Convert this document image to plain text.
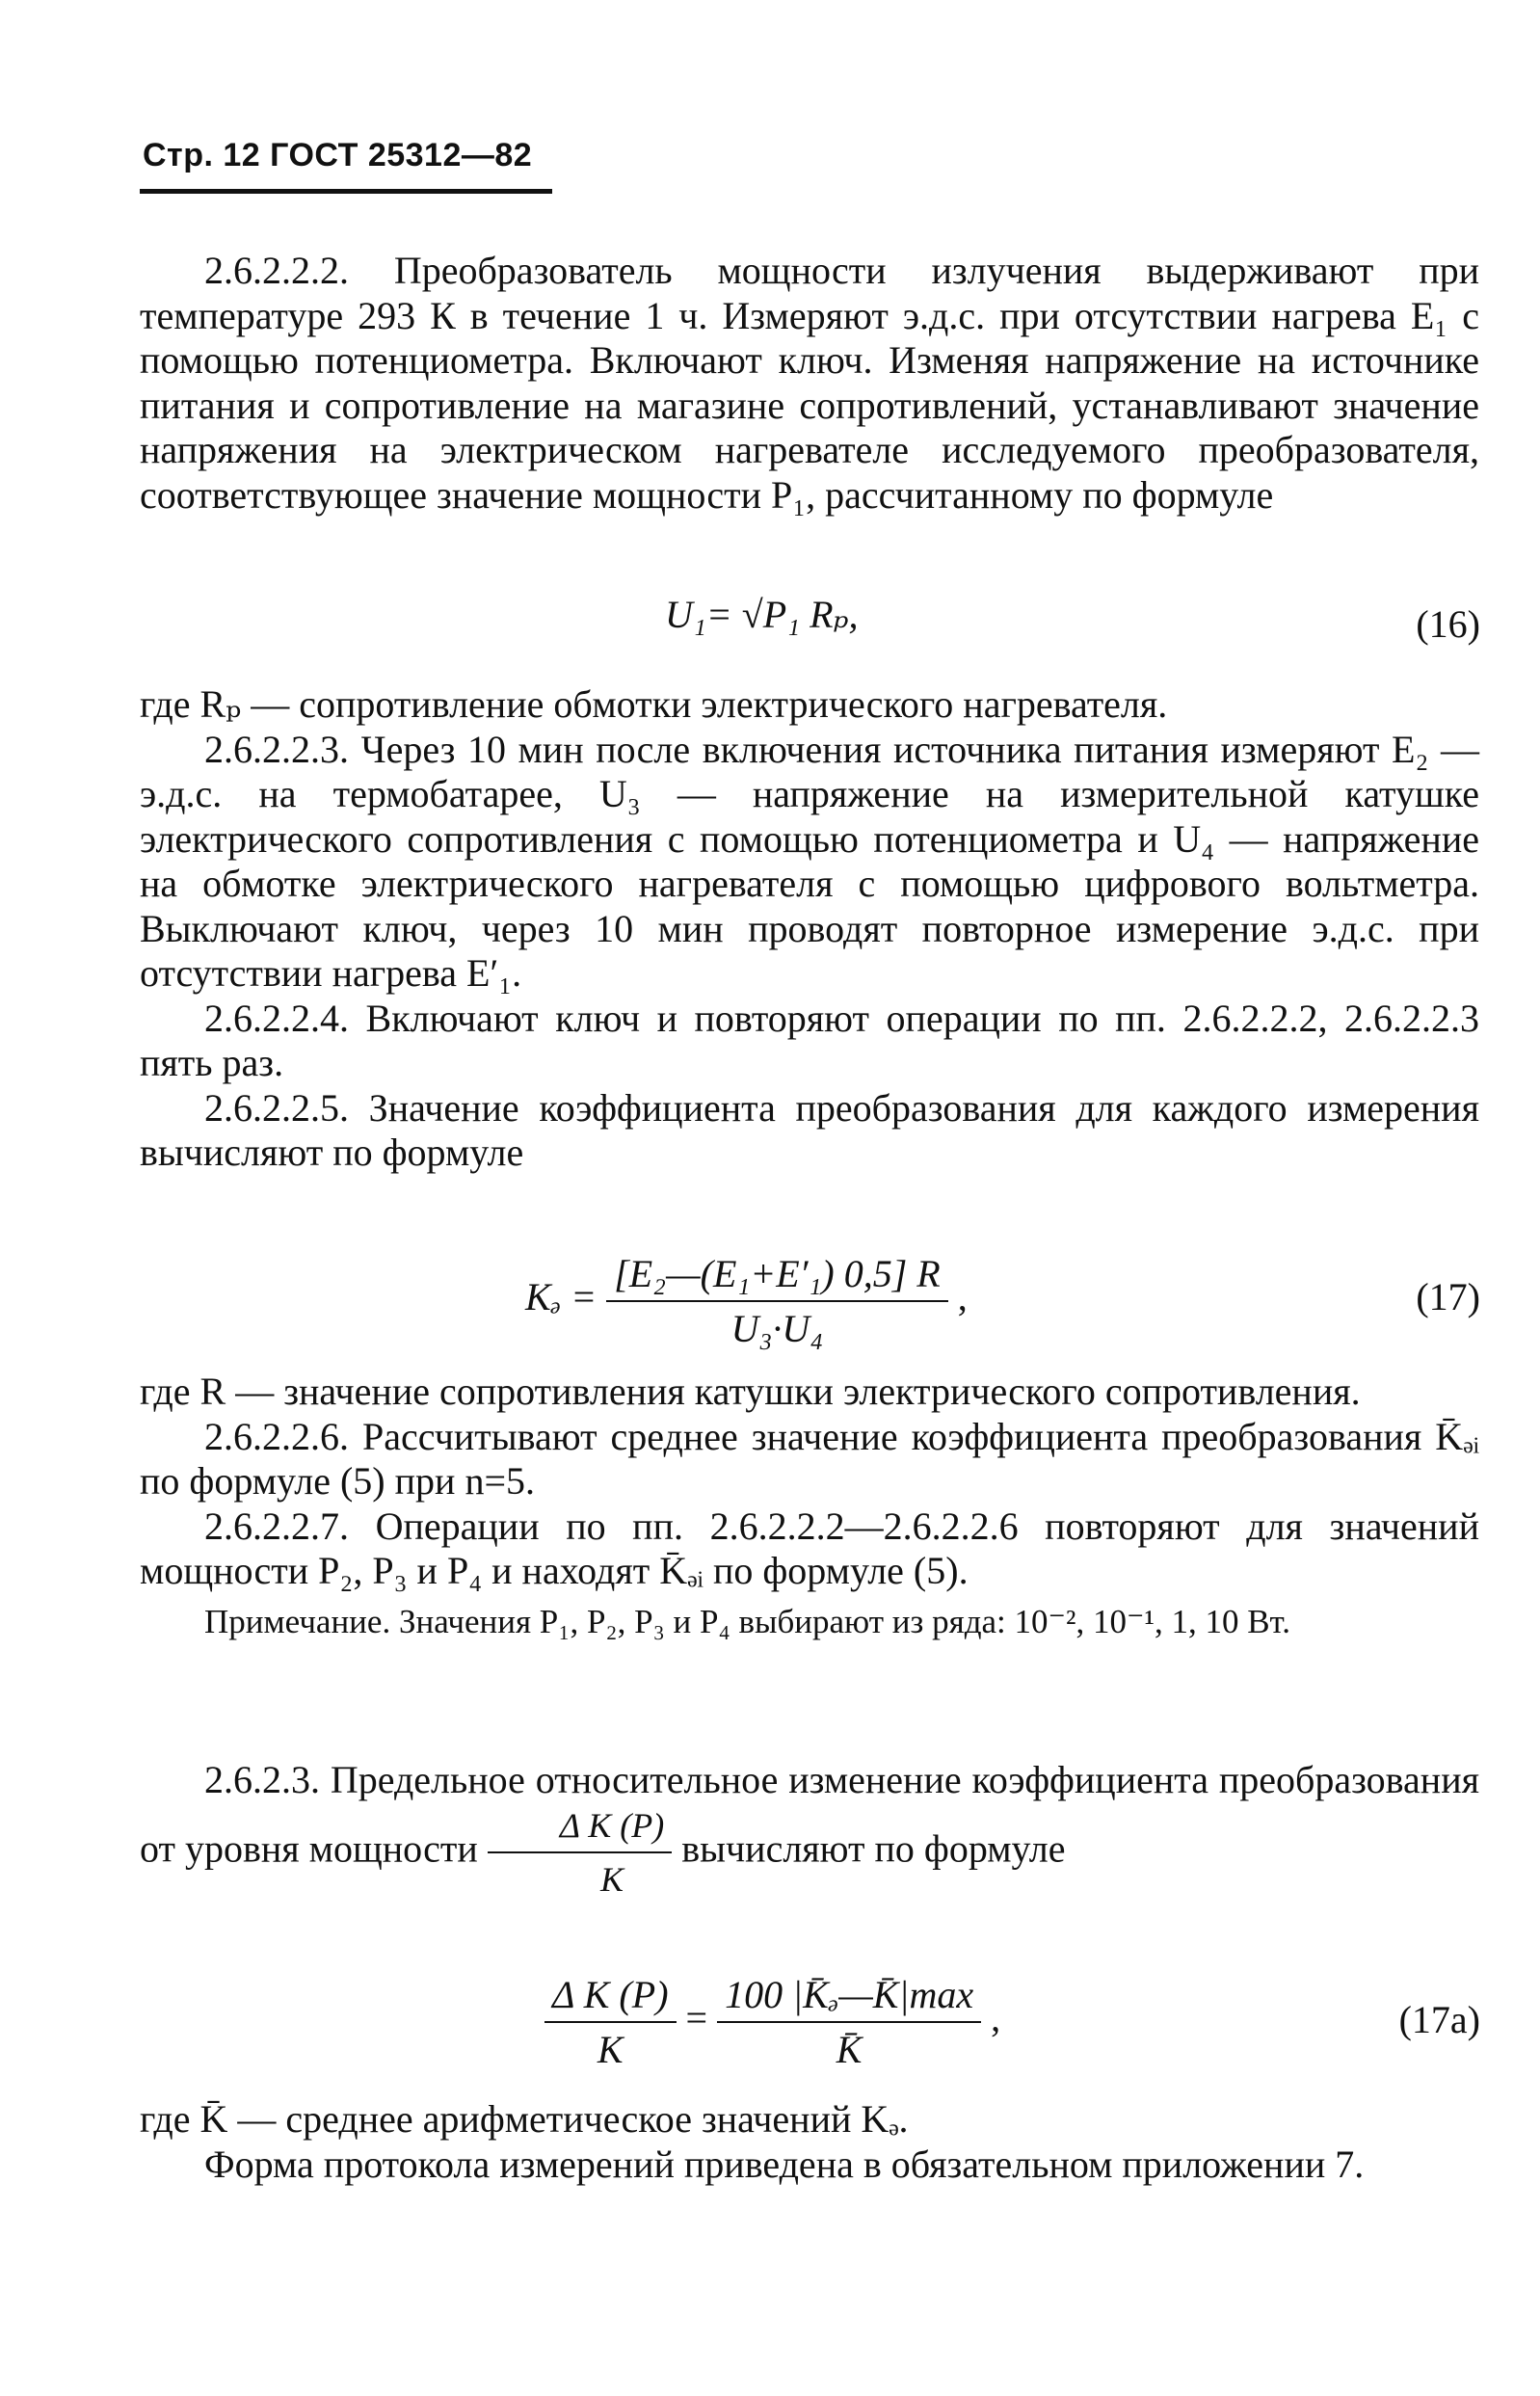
Стр. 12 ГОСТ 25312—82

2.6.2.2.2. Преобразователь мощности излучения выдерживают при температуре 293 К в течение 1 ч. Измеряют э.д.с. при отсутствии нагрева E₁ с помощью потенциометра. Включают ключ. Изменяя напряжение на источнике питания и сопротивление на магазине сопротивлений, устанавливают значение напряжения на электрическом нагревателе исследуемого преобразователя, соответствующее значение мощности P₁, рассчитанному по формуле

U₁= √P₁ Rₚ,	(16)

где Rₚ — сопротивление обмотки электрического нагревателя.

2.6.2.2.3. Через 10 мин после включения источника питания измеряют E₂ — э.д.с. на термобатарее, U₃ — напряжение на измерительной катушке электрического сопротивления с помощью потенциометра и U₄ — напряжение на обмотке электрического нагревателя с помощью цифрового вольтметра. Выключают ключ, через 10 мин проводят повторное измерение э.д.с. при отсутствии нагрева E′₁.

2.6.2.2.4. Включают ключ и повторяют операции по пп. 2.6.2.2.2, 2.6.2.2.3 пять раз.

2.6.2.2.5. Значение коэффициента преобразования для каждого измерения вычисляют по формуле

Kₔ = $\frac{\text{[E₂—(E₁+E′₁) 0,5] R}}{\text{U₃·U₄}}$ ,	(17)

где R — значение сопротивления катушки электрического сопротивления.

2.6.2.2.6. Рассчитывают среднее значение коэффициента преобразования K̄ₔᵢ по формуле (5) при n=5.

2.6.2.2.7. Операции по пп. 2.6.2.2.2—2.6.2.2.6 повторяют для значений мощности P₂, P₃ и P₄ и находят K̄ₔᵢ по формуле (5).

Примечание. Значения P₁, P₂, P₃ и P₄ выбирают из ряда: 10⁻², 10⁻¹, 1, 10 Вт.

2.6.2.3. Предельное относительное изменение коэффициента преобразования от уровня мощности $\frac{\text{Δ K (P)}}{K}$ вычисляют по формуле

$\frac{\text{Δ K (P)}}{K} = \frac{\text{100 |K̄ₔ—K̄|max}}{K̄}$ ,	(17а)

где K̄ — среднее арифметическое значений Kₔ.

Форма протокола измерений приведена в обязательном приложении 7.
